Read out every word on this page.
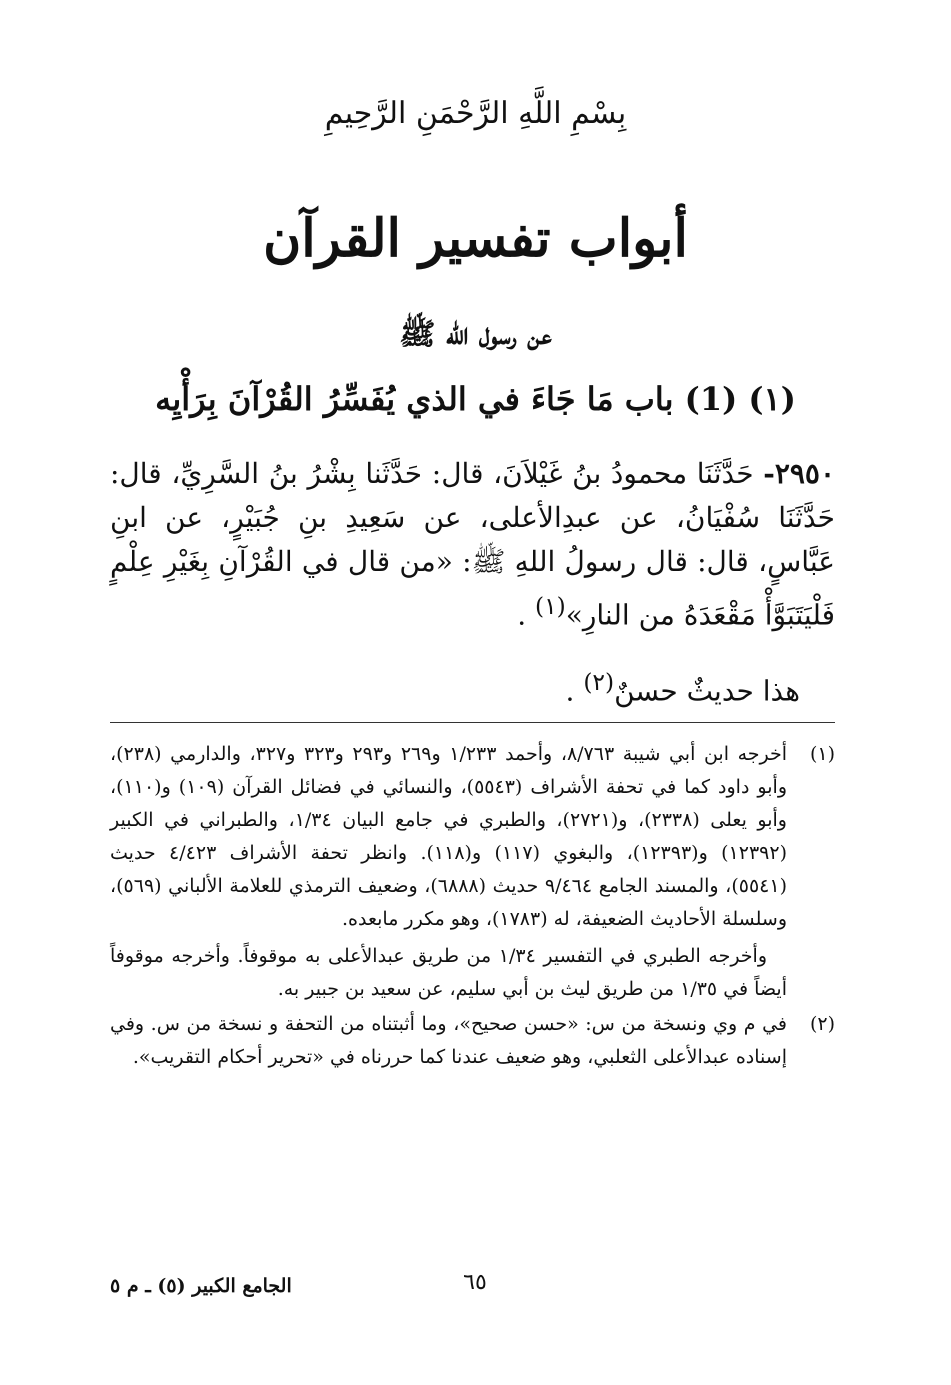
بِسْمِ اللَّهِ الرَّحْمَنِ الرَّحِيمِ
أبواب تفسير القرآن
عن رسول الله ﷺ
(١) (1) باب مَا جَاءَ في الذي يُفَسِّرُ القُرْآنَ بِرَأْيِه
٢٩٥٠- حَدَّثَنَا محمودُ بنُ غَيْلاَنَ، قال: حَدَّثَنا بِشْرُ بنُ السَّرِيِّ، قال: حَدَّثَنَا سُفْيَانُ، عن عبدِالأعلى، عن سَعِيدِ بنِ جُبَيْرٍ، عن ابنِ عَبَّاسٍ، قال: قال رسولُ اللهِ ﷺ: «من قال في القُرْآنِ بِغَيْرِ عِلْمٍ فَلْيَتَبَوَّأْ مَقْعَدَهُ من النارِ»$^{(١)}$ .
هذا حديثٌ حسنٌ$^{(٢)}$ .
(١)

أخرجه ابن أبي شيبة ٨/٧٦٣، وأحمد ١/٢٣٣ و٢٦٩ و٢٩٣ و٣٢٣ و٣٢٧، والدارمي (٢٣٨)، وأبو داود كما في تحفة الأشراف (٥٥٤٣)، والنسائي في فضائل القرآن (١٠٩) و(١١٠)، وأبو يعلى (٢٣٣٨)، و(٢٧٢١)، والطبري في جامع البيان ١/٣٤، والطبراني في الكبير (١٢٣٩٢) و(١٢٣٩٣)، والبغوي (١١٧) و(١١٨). وانظر تحفة الأشراف ٤/٤٢٣ حديث (٥٥٤١)، والمسند الجامع ٩/٤٦٤ حديث (٦٨٨٨)، وضعيف الترمذي للعلامة الألباني (٥٦٩)، وسلسلة الأحاديث الضعيفة، له (١٧٨٣)، وهو مكرر مابعده.

وأخرجه الطبري في التفسير ١/٣٤ من طريق عبدالأعلى به موقوفاً. وأخرجه موقوفاً أيضاً في ١/٣٥ من طريق ليث بن أبي سليم، عن سعيد بن جبير به.

(٢)

في م وي ونسخة من س: «حسن صحيح»، وما أثبتناه من التحفة و نسخة من س. وفي إسناده عبدالأعلى الثعلبي، وهو ضعيف عندنا كما حررناه في «تحرير أحكام التقريب».

الجامع الكبير (٥) ـ م ٥	٦٥
